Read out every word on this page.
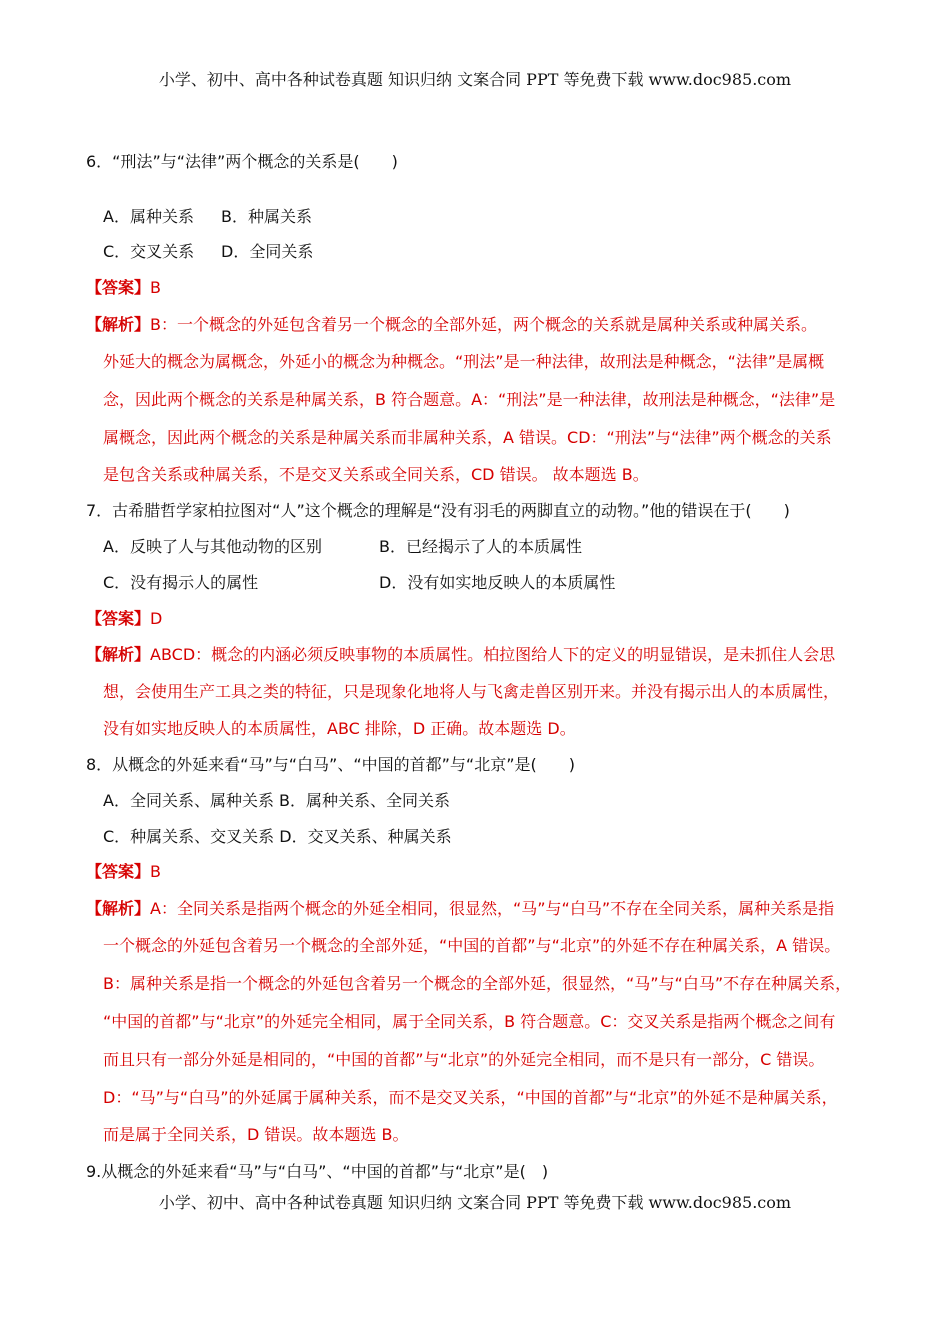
小学、初中、高中各种试卷真题 知识归纳 文案合同 PPT 等免费下载 www.doc985.com
6．“刑法”与“法律”两个概念的关系是(　　)
A．属种关系 B．种属关系
C．交叉关系 D．全同关系
【答案】B
【解析】B：一个概念的外延包含着另一个概念的全部外延，两个概念的关系就是属种关系或种属关系。
外延大的概念为属概念，外延小的概念为种概念。“刑法”是一种法律，故刑法是种概念，“法律”是属概
念，因此两个概念的关系是种属关系，B 符合题意。A：“刑法”是一种法律，故刑法是种概念，“法律”是
属概念，因此两个概念的关系是种属关系而非属种关系，A 错误。CD：“刑法”与“法律”两个概念的关系
是包含关系或种属关系，不是交叉关系或全同关系，CD 错误。 故本题选 B。
7．古希腊哲学家柏拉图对“人”这个概念的理解是“没有羽毛的两脚直立的动物。”他的错误在于(　　)
A．反映了人与其他动物的区别	B．已经揭示了人的本质属性
C．没有揭示人的属性	D．没有如实地反映人的本质属性
【答案】D
【解析】ABCD：概念的内涵必须反映事物的本质属性。柏拉图给人下的定义的明显错误，是未抓住人会思
想，会使用生产工具之类的特征，只是现象化地将人与飞禽走兽区别开来。并没有揭示出人的本质属性，
没有如实地反映人的本质属性，ABC 排除，D 正确。故本题选 D。
8．从概念的外延来看“马”与“白马”、“中国的首都”与“北京”是(　　)
A．全同关系、属种关系 B．属种关系、全同关系
C．种属关系、交叉关系 D．交叉关系、种属关系
【答案】B
【解析】A：全同关系是指两个概念的外延全相同，很显然，“马”与“白马”不存在全同关系，属种关系是指
一个概念的外延包含着另一个概念的全部外延，“中国的首都”与“北京”的外延不存在种属关系，A 错误。
B：属种关系是指一个概念的外延包含着另一个概念的全部外延，很显然，“马”与“白马”不存在种属关系，
“中国的首都”与“北京”的外延完全相同，属于全同关系，B 符合题意。C：交叉关系是指两个概念之间有
而且只有一部分外延是相同的，“中国的首都”与“北京”的外延完全相同，而不是只有一部分，C 错误。
D：“马”与“白马”的外延属于属种关系，而不是交叉关系，“中国的首都”与“北京”的外延不是种属关系，
而是属于全同关系，D 错误。故本题选 B。
9.从概念的外延来看“马”与“白马”、“中国的首都”与“北京”是(　)
小学、初中、高中各种试卷真题 知识归纳 文案合同 PPT 等免费下载 www.doc985.com
